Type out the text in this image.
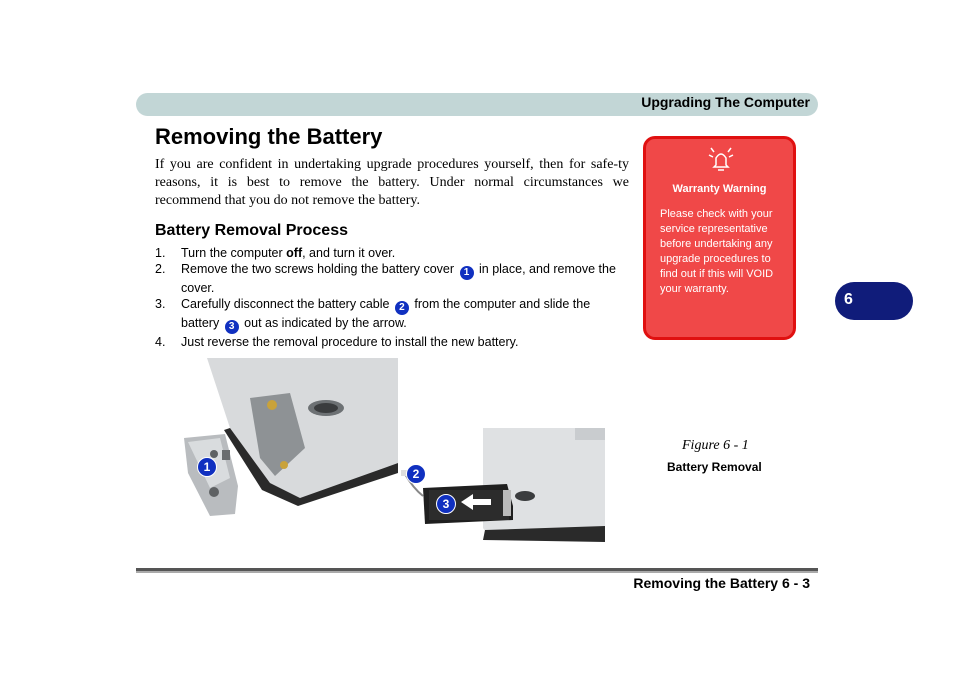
Upgrading The Computer
Removing the Battery

If you are confident in undertaking upgrade procedures yourself, then for safe-ty reasons, it is best to remove the battery. Under normal circumstances we recommend that you do not remove the battery.

Battery Removal Process
1. Turn the computer off, and turn it over.
2. Remove the two screws holding the battery cover 1 in place, and remove the cover.
3. Carefully disconnect the battery cable 2 from the computer and slide the battery 3 out as indicated by the arrow.
4. Just reverse the removal procedure to install the new battery.
Warranty Warning
Please check with your service representative before undertaking any upgrade procedures to find out if this will VOID your warranty.
6
1	2
3
Figure 6 - 1
Battery Removal
Removing the Battery 6 - 3
